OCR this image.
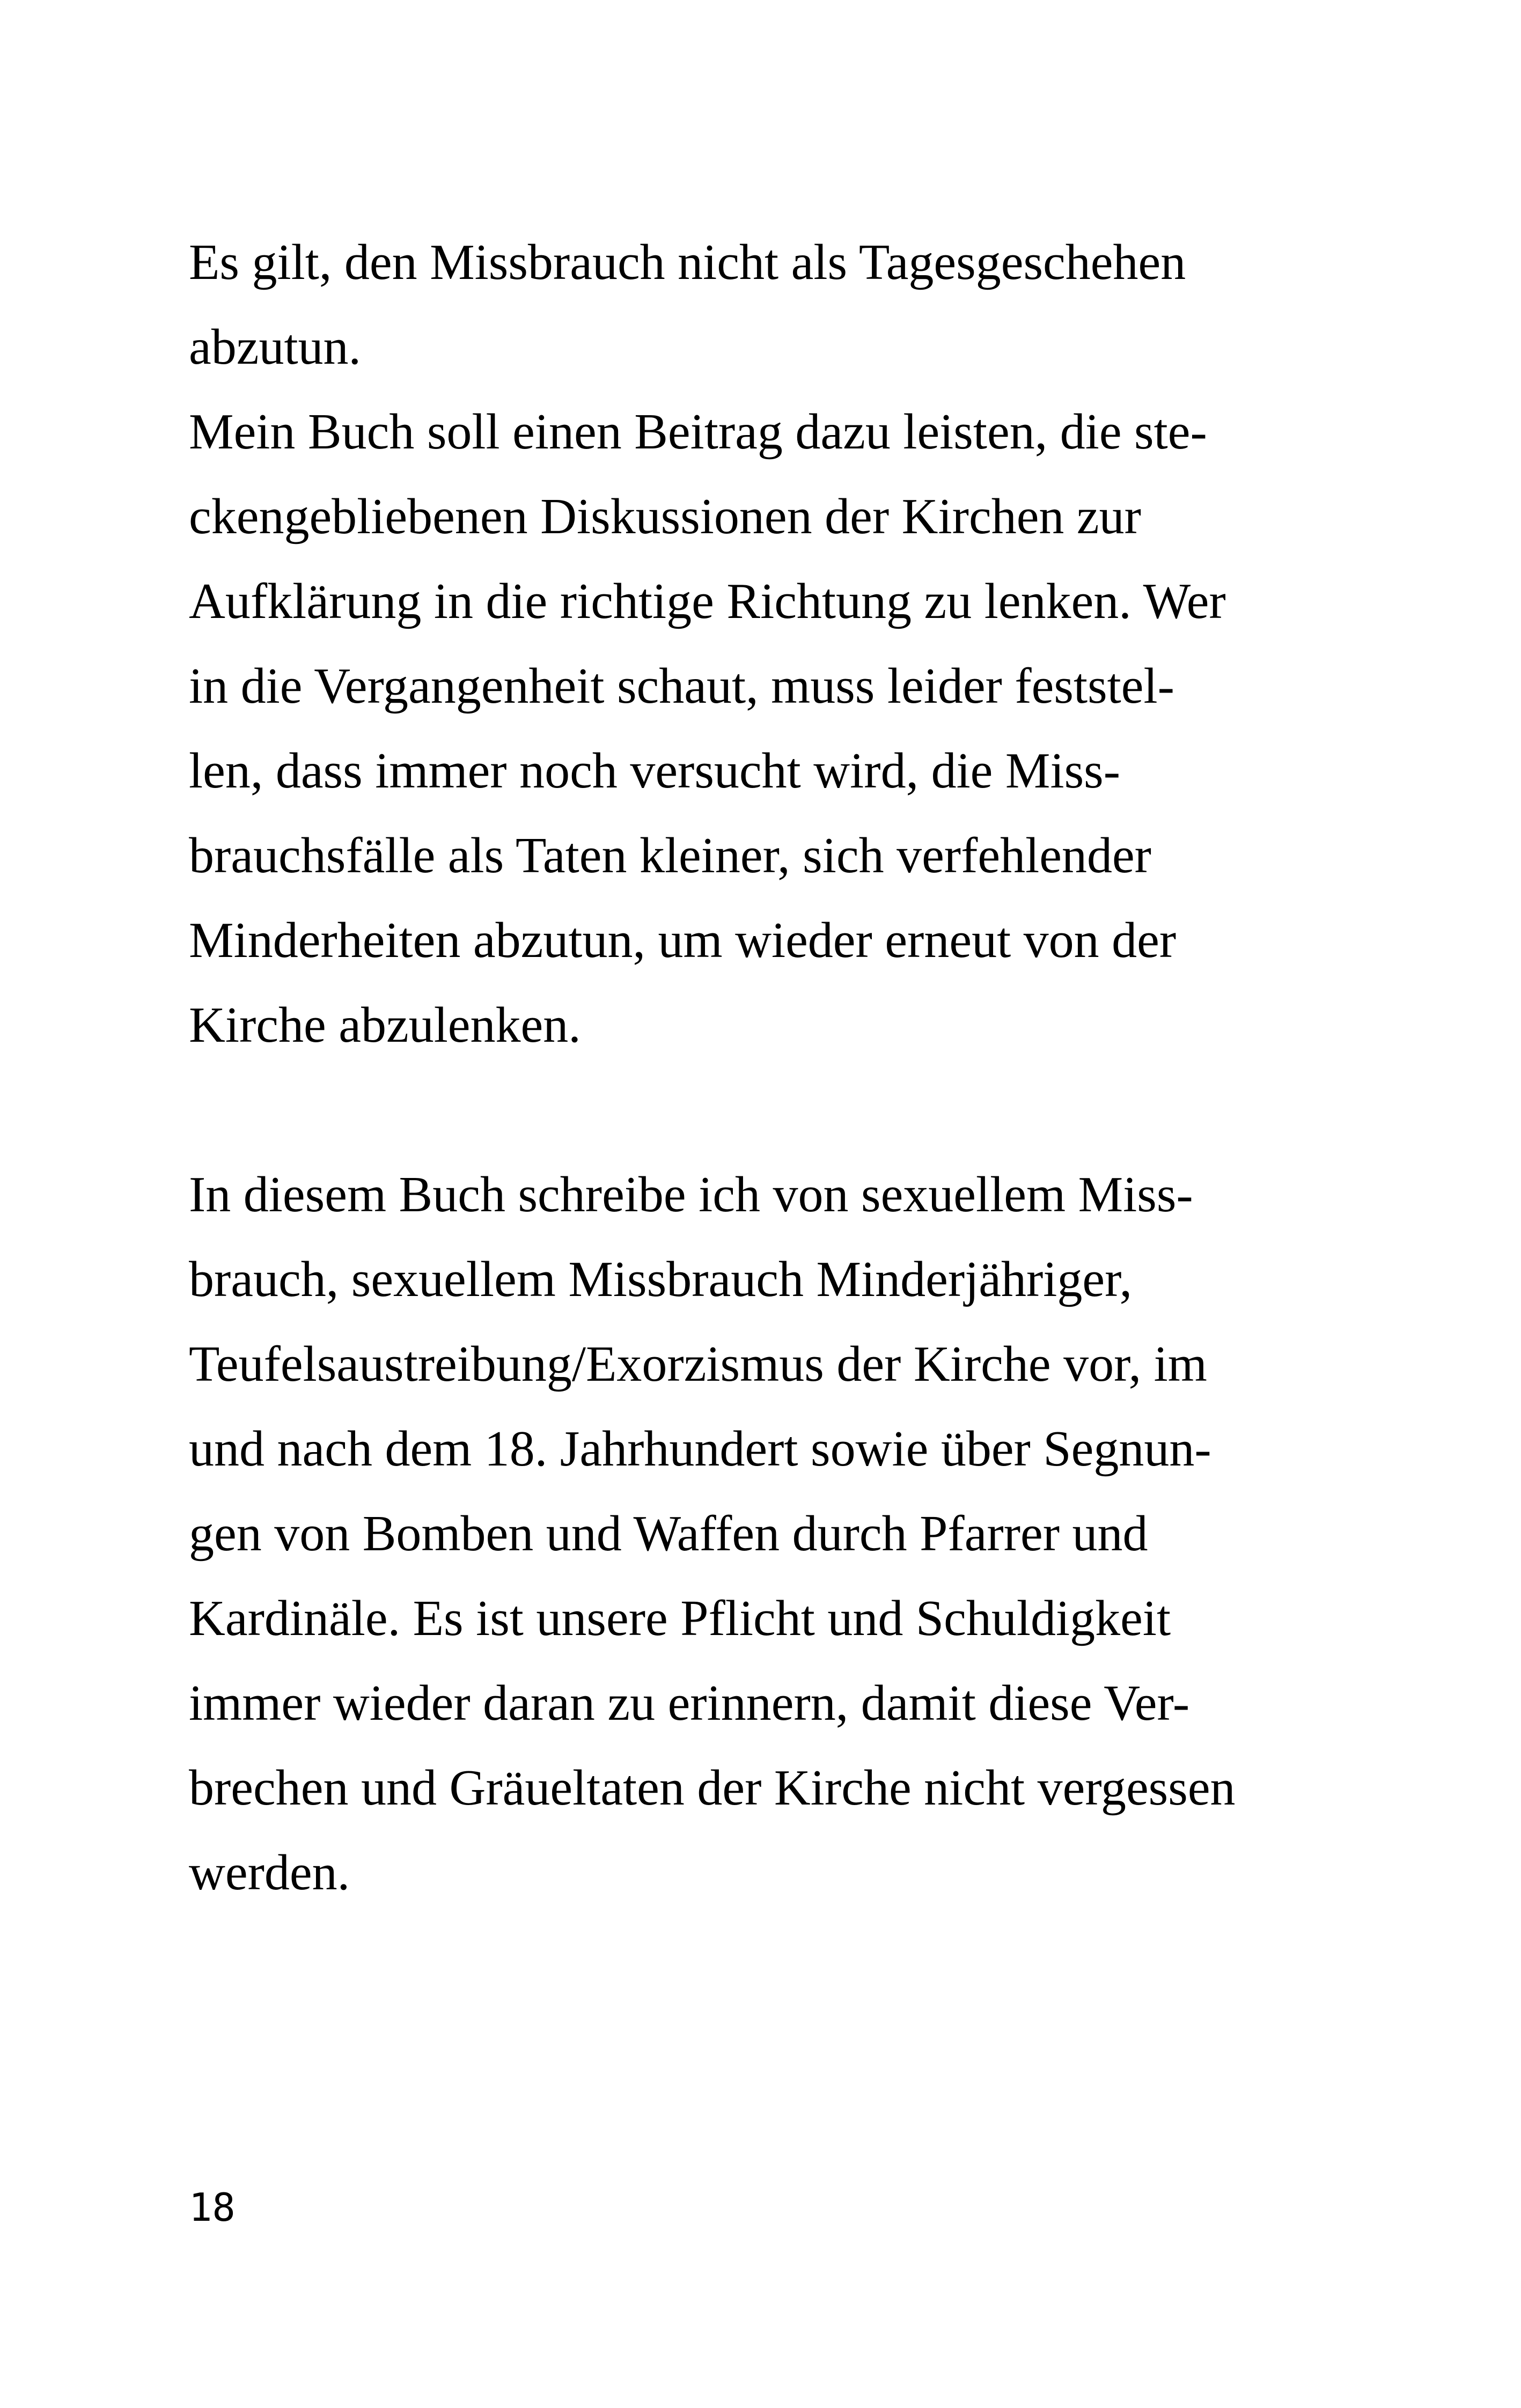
Es gilt, den Missbrauch nicht als Tagesgeschehen
abzutun.
Mein Buch soll einen Beitrag dazu leisten, die ste-
ckengebliebenen Diskussionen der Kirchen zur
Aufklärung in die richtige Richtung zu lenken. Wer
in die Vergangenheit schaut, muss leider feststel-
len, dass immer noch versucht wird, die Miss-
brauchsfälle als Taten kleiner, sich verfehlender
Minderheiten abzutun, um wieder erneut von der
Kirche abzulenken.
In diesem Buch schreibe ich von sexuellem Miss-
brauch, sexuellem Missbrauch Minderjähriger,
Teufelsaustreibung/Exorzismus der Kirche vor, im
und nach dem 18. Jahrhundert sowie über Segnun-
gen von Bomben und Waffen durch Pfarrer und
Kardinäle. Es ist unsere Pflicht und Schuldigkeit
immer wieder daran zu erinnern, damit diese Ver-
brechen und Gräueltaten der Kirche nicht vergessen
werden.
18
